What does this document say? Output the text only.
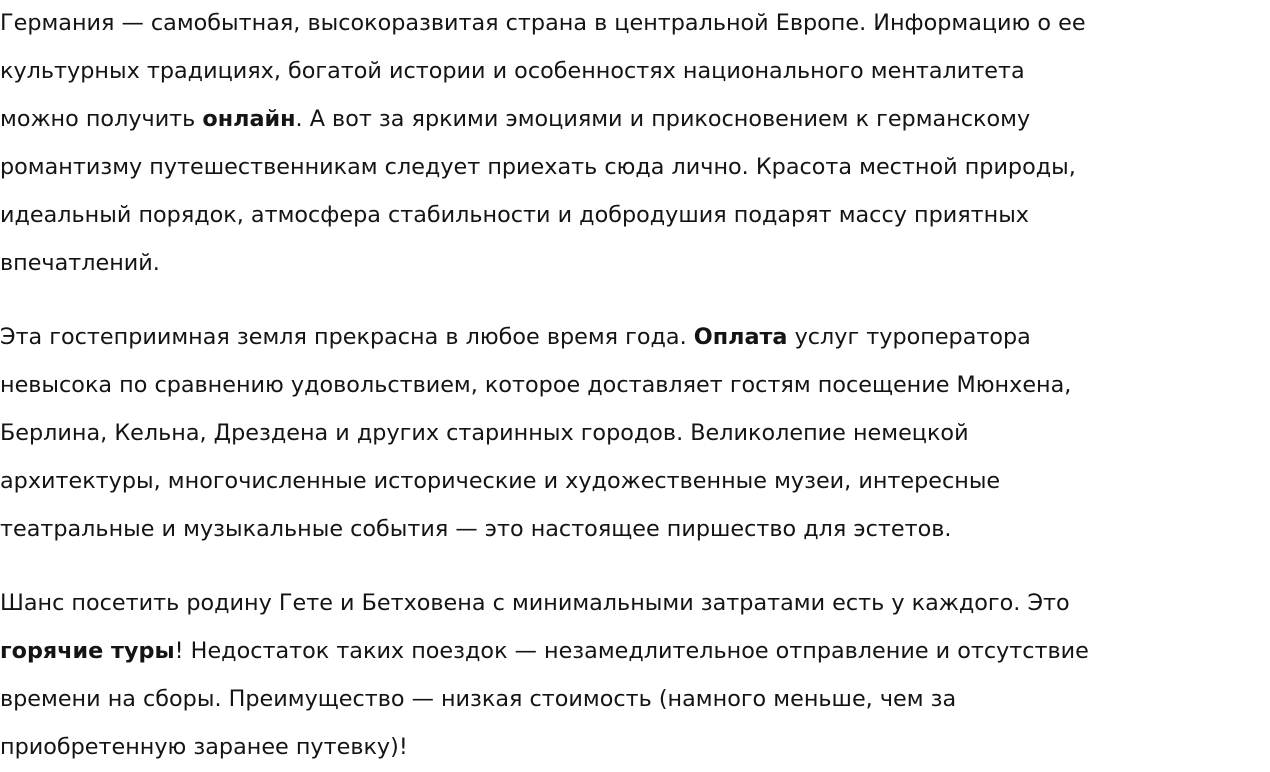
Германия — самобытная, высокоразвитая страна в центральной Европе. Информацию о ее
культурных традициях, богатой истории и особенностях национального менталитета
можно получить онлайн. А вот за яркими эмоциями и прикосновением к германскому
романтизму путешественникам следует приехать сюда лично. Красота местной природы,
идеальный порядок, атмосфера стабильности и добродушия подарят массу приятных
впечатлений.

Эта гостеприимная земля прекрасна в любое время года. Оплата услуг туроператора
невысока по сравнению удовольствием, которое доставляет гостям посещение Мюнхена,
Берлина, Кельна, Дрездена и других старинных городов. Великолепие немецкой
архитектуры, многочисленные исторические и художественные музеи, интересные
театральные и музыкальные события — это настоящее пиршество для эстетов.

Шанс посетить родину Гете и Бетховена с минимальными затратами есть у каждого. Это
горячие туры! Недостаток таких поездок — незамедлительное отправление и отсутствие
времени на сборы. Преимущество — низкая стоимость (намного меньше, чем за
приобретенную заранее путевку)!
